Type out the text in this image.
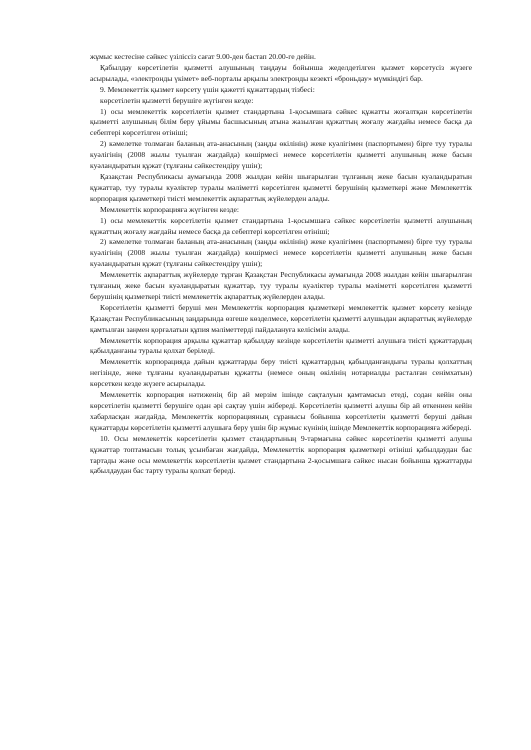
жұмыс кестесіне сәйкес үзіліссіз сағат 9.00-ден бастап 20.00-ге дейін.

Қабылдау көрсетілетін қызметті алушының таңдауы бойынша жеделдетілген қызмет көрсетусіз жүзеге асырылады, «электронды үкімет» веб-порталы арқылы электронды кезекті «броньдау» мүмкіндігі бар.

9. Мемлекеттік қызмет көрсету үшін қажетті құжаттардың тізбесі:

көрсетілетін қызметті берушіге жүгінген кезде:

1) осы мемлекеттік көрсетілетін қызмет стандартына 1-қосымшаға сәйкес құжатты жоғалтқан көрсетілетін қызметті алушының білім беру ұйымы басшысының атына жазылған құжаттың жоғалу жағдайы немесе басқа да себептері көрсетілген өтініші;

2) кәмелетке толмаған баланың ата-анасының (заңды өкілінің) жеке куәлігімен (паспортымен) бірге туу туралы куәлігінің (2008 жылы туылған жағдайда) көшірмесі немесе көрсетілетін қызметті алушының жеке басын куәландыратын құжат (тұлғаны сәйкестендіру үшін);

Қазақстан Республикасы аумағында 2008 жылдан кейін шығарылған тұлғаның жеке басын куәландыратын құжаттар, туу туралы куәліктер туралы мәліметті көрсетілген қызметті берушінің қызметкері және Мемлекеттік корпорация қызметкері тиісті мемлекеттік ақпараттық жүйелерден алады.

Мемлекеттік корпорацияға жүгінген кезде:

1) осы мемлекеттік көрсетілетін қызмет стандартына 1-қосымшаға сәйкес көрсетілетін қызметті алушының құжаттың жоғалу жағдайы немесе басқа да себептері көрсетілген өтініші;

2) кәмелетке толмаған баланың ата-анасының (заңды өкілінің) жеке куәлігімен (паспортымен) бірге туу туралы куәлігінің (2008 жылы туылған жағдайда) көшірмесі немесе көрсетілетін қызметті алушының жеке басын куәландыратын құжат (тұлғаны сәйкестендіру үшін);

Мемлекеттік ақпараттық жүйелерде тұрған Қазақстан Республикасы аумағында 2008 жылдан кейін шығарылған тұлғаның жеке басын куәландыратын құжаттар, туу туралы куәліктер туралы мәліметті көрсетілген қызметті берушінің қызметкері тиісті мемлекеттік ақпараттық жүйелерден алады.

Көрсетілетін қызметті беруші мен Мемлекеттік корпорация қызметкері мемлекеттік қызмет көрсету кезінде Қазақстан Республикасының заңдарында өзгеше көзделмесе, көрсетілетін қызметті алушыдан ақпараттық жүйелерде қамтылған заңмен қорғалатын құпия мәліметтерді пайдалануға келісімін алады.

Мемлекеттік корпорация арқылы құжаттар қабылдау кезінде көрсетілетін қызметті алушыға тиісті құжаттардың қабылданғаны туралы қолхат беріледі.

Мемлекеттік корпорацияда дайын құжаттарды беру тиісті құжаттардың қабылданғандығы туралы қолхаттың негізінде, жеке тұлғаны куәландыратын құжатты (немесе оның өкілінің нотариалды расталған сенімхатын) көрсеткен кезде жүзеге асырылады.

Мемлекеттік корпорация нәтиженің бір ай мерзім ішінде сақталуын қамтамасыз етеді, содан кейін оны көрсетілетін қызметті берушіге одан әрі сақтау үшін жібереді. Көрсетілетін қызметті алушы бір ай өткеннен кейін хабарласқан жағдайда, Мемлекеттік корпорацияның сұранысы бойынша көрсетілетін қызметті беруші дайын құжаттарды көрсетілетін қызметті алушыға беру үшін бір жұмыс күнінің ішінде Мемлекеттік корпорацияға жібереді.

10. Осы мемлекеттік көрсетілетін қызмет стандартының 9-тармағына сәйкес көрсетілетін қызметті алушы құжаттар топтамасын толық ұсынбаған жағдайда, Мемлекеттік корпорация қызметкері өтініші қабылдаудан бас тартады және осы мемлекеттік көрсетілетін қызмет стандартына 2-қосымшаға сәйкес нысан бойынша құжаттарды қабылдаудан бас тарту туралы қолхат береді.
